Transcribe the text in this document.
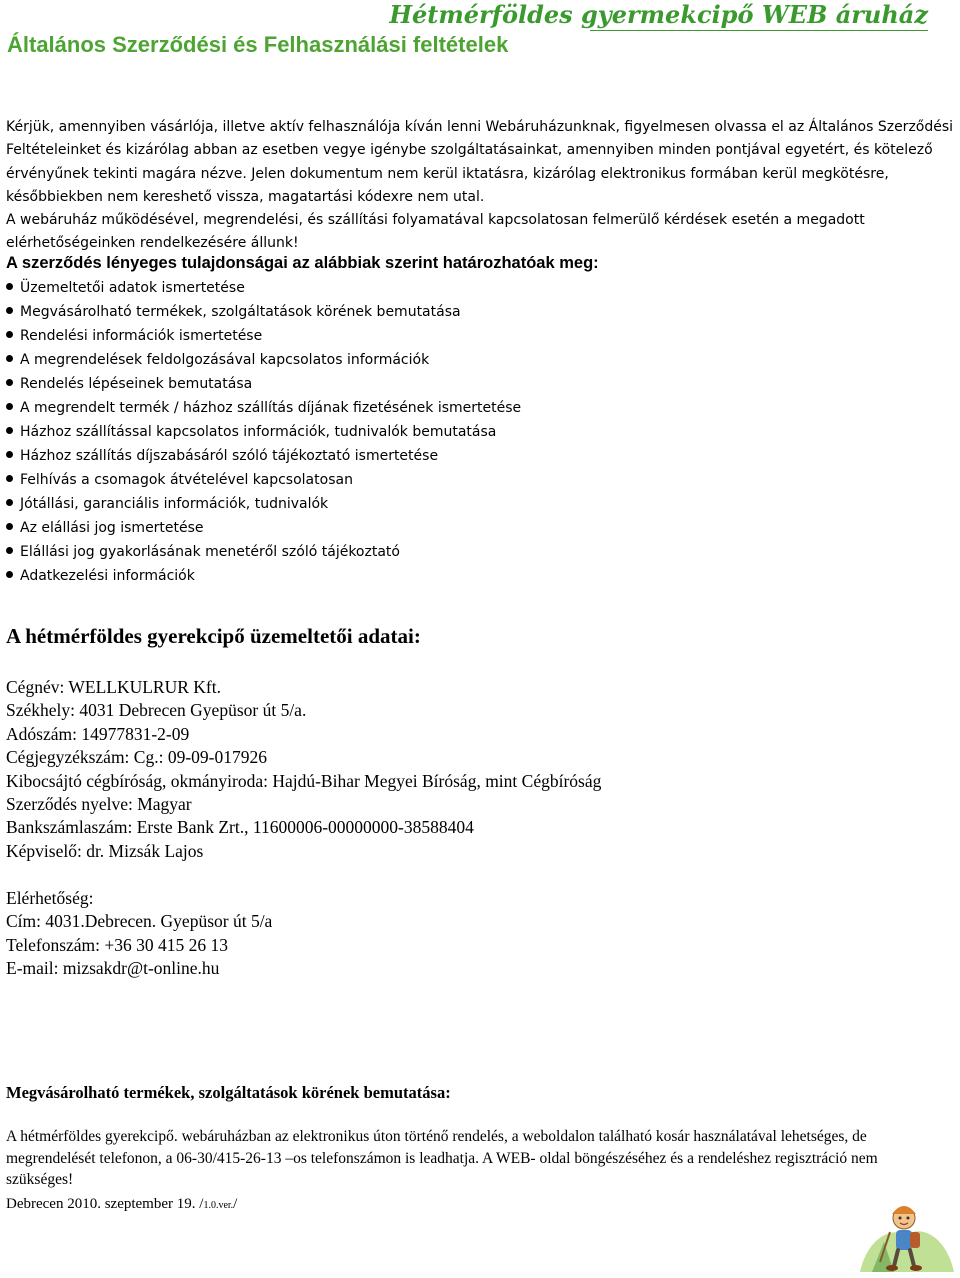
Hétmérföldes gyermekcipő WEB áruház
Általános Szerződési és Felhasználási feltételek

Kérjük, amennyiben vásárlója, illetve aktív felhasználója kíván lenni Webáruházunknak, figyelmesen olvassa el az Általános Szerződési Feltételeinket és kizárólag abban az esetben vegye igénybe szolgáltatásainkat, amennyiben minden pontjával egyetért, és kötelező érvényűnek tekinti magára nézve. Jelen dokumentum nem kerül iktatásra, kizárólag elektronikus formában kerül megkötésre, későbbiekben nem kereshető vissza, magatartási kódexre nem utal.

A webáruház működésével, megrendelési, és szállítási folyamatával kapcsolatosan felmerülő kérdések esetén a megadott elérhetőségeinken rendelkezésére állunk!

A szerződés lényeges tulajdonságai az alábbiak szerint határozhatóak meg:
Üzemeltetői adatok ismertetése
Megvásárolható termékek, szolgáltatások körének bemutatása
Rendelési információk ismertetése
A megrendelések feldolgozásával kapcsolatos információk
Rendelés lépéseinek bemutatása
A megrendelt termék / házhoz szállítás díjának fizetésének ismertetése
Házhoz szállítással kapcsolatos információk, tudnivalók bemutatása
Házhoz szállítás díjszabásáról szóló tájékoztató ismertetése
Felhívás a csomagok átvételével kapcsolatosan
Jótállási, garanciális információk, tudnivalók
Az elállási jog ismertetése
Elállási jog gyakorlásának menetéről szóló tájékoztató
Adatkezelési információk
A hétmérföldes gyerekcipő üzemeltetői adatai:
Cégnév: WELLKULRUR Kft.
Székhely: 4031 Debrecen Gyepüsor út 5/a.
Adószám: 14977831-2-09
Cégjegyzékszám: Cg.: 09-09-017926
Kibocsájtó cégbíróság, okmányiroda: Hajdú-Bihar Megyei Bíróság, mint Cégbíróság
Szerződés nyelve: Magyar
Bankszámlaszám: Erste Bank Zrt., 11600006-00000000-38588404
Képviselő: dr. Mizsák Lajos
Elérhetőség:
Cím: 4031.Debrecen. Gyepüsor út 5/a
Telefonszám: +36 30 415 26 13
E-mail: mizsakdr@t-online.hu
Megvásárolható termékek, szolgáltatások körének bemutatása:
A hétmérföldes gyerekcipő. webáruházban az elektronikus úton történő rendelés, a weboldalon található kosár használatával lehetséges, de megrendelését telefonon, a 06-30/415-26-13 –os telefonszámon is leadhatja. A WEB- oldal böngészéséhez és a rendeléshez regisztráció nem szükséges!
Debrecen 2010. szeptember 19. /1.0.ver./
